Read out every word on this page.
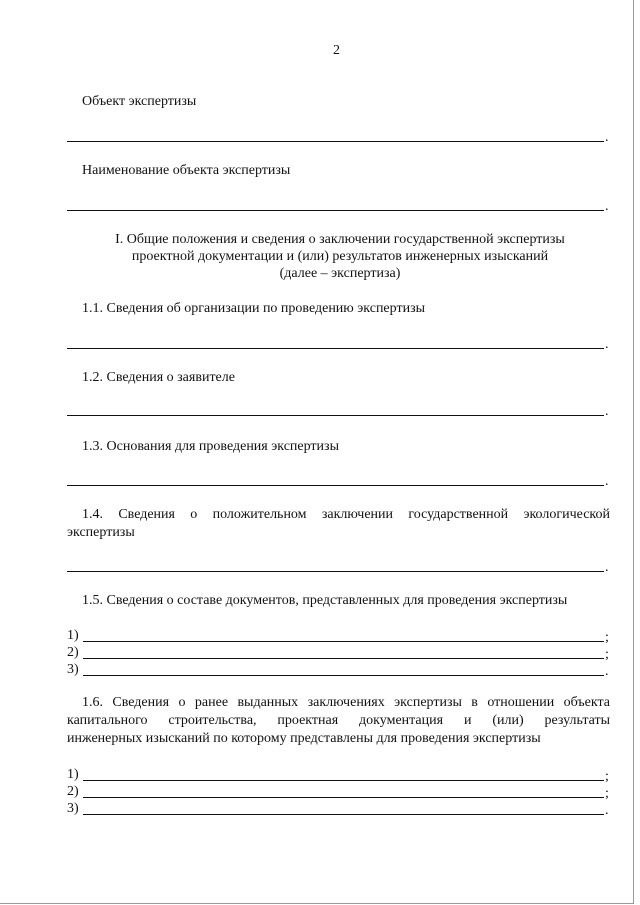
2
Объект экспертизы
.
Наименование объекта экспертизы
.
I. Общие положения и сведения о заключении государственной экспертизы
проектной документации и (или) результатов инженерных изысканий
(далее – экспертиза)
1.1. Сведения об организации по проведению экспертизы
.
1.2. Сведения о заявителе
.
1.3. Основания для проведения экспертизы
.
1.4. Сведения о положительном заключении государственной экологической
экспертизы
.
1.5. Сведения о составе документов, представленных для проведения экспертизы
1)	;
2)	;
3)	.
1.6. Сведения о ранее выданных заключениях экспертизы в отношении объекта
капитального строительства, проектная документация и (или) результаты
инженерных изысканий по которому представлены для проведения экспертизы
1)	;
2)	;
3)	.
